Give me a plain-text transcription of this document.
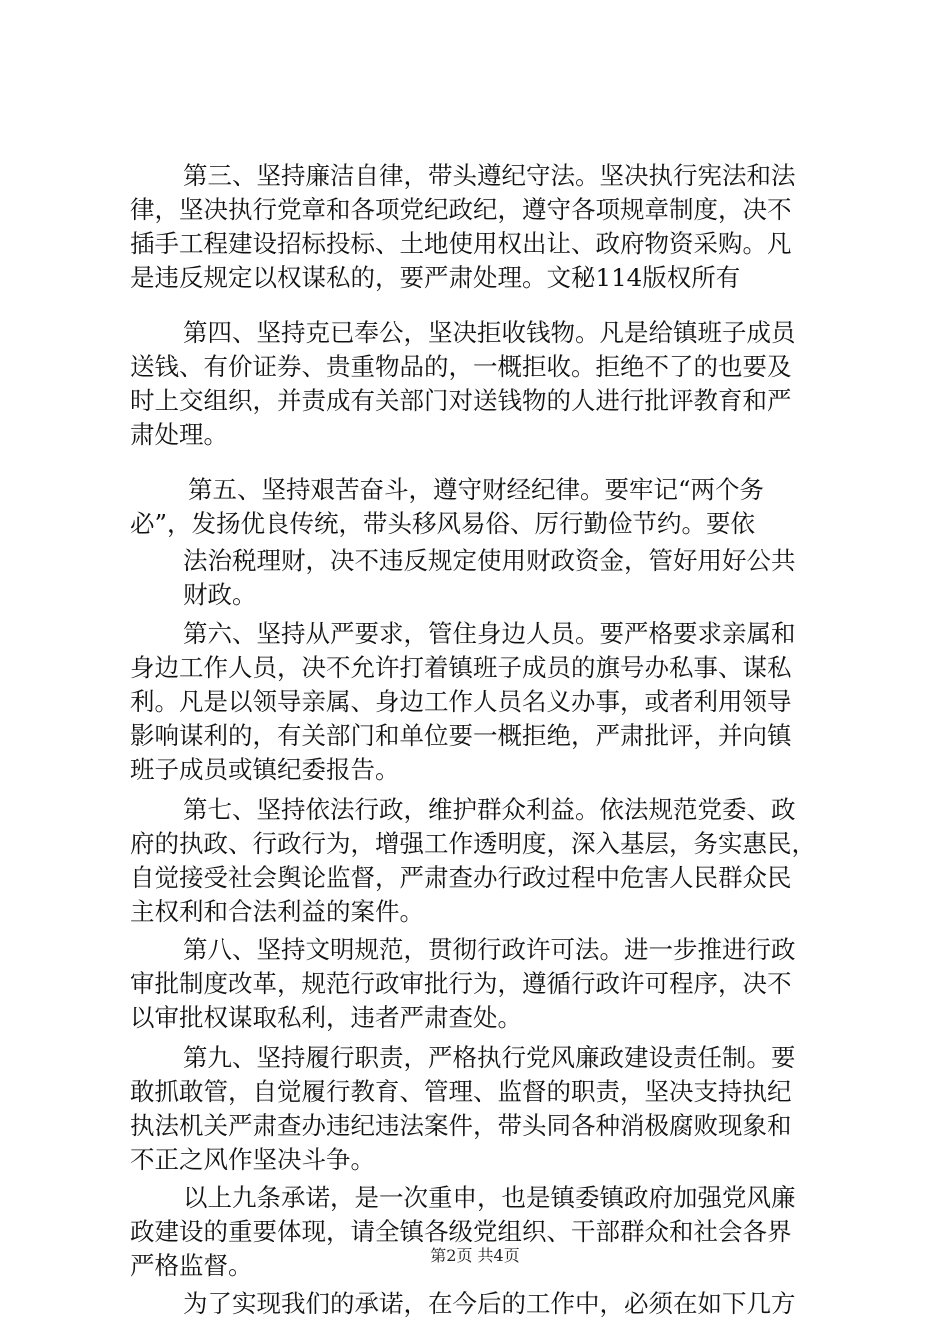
第三、坚持廉洁自律，带头遵纪守法。坚决执行宪法和法
律，坚决执行党章和各项党纪政纪，遵守各项规章制度，决不
插手工程建设招标投标、土地使用权出让、政府物资采购。凡
是违反规定以权谋私的，要严肃处理。文秘114版权所有
第四、坚持克已奉公，坚决拒收钱物。凡是给镇班子成员
送钱、有价证券、贵重物品的，一概拒收。拒绝不了的也要及
时上交组织，并责成有关部门对送钱物的人进行批评教育和严
肃处理。
第五、坚持艰苦奋斗，遵守财经纪律。要牢记“两个务
必”，发扬优良传统，带头移风易俗、厉行勤俭节约。要依
法治税理财，决不违反规定使用财政资金，管好用好公共
财政。
第六、坚持从严要求，管住身边人员。要严格要求亲属和
身边工作人员，决不允许打着镇班子成员的旗号办私事、谋私
利。凡是以领导亲属、身边工作人员名义办事，或者利用领导
影响谋利的，有关部门和单位要一概拒绝，严肃批评，并向镇
班子成员或镇纪委报告。
第七、坚持依法行政，维护群众利益。依法规范党委、政
府的执政、行政行为，增强工作透明度，深入基层，务实惠民，
自觉接受社会舆论监督，严肃查办行政过程中危害人民群众民
主权利和合法利益的案件。
第八、坚持文明规范，贯彻行政许可法。进一步推进行政
审批制度改革，规范行政审批行为，遵循行政许可程序，决不
以审批权谋取私利，违者严肃查处。
第九、坚持履行职责，严格执行党风廉政建设责任制。要
敢抓敢管，自觉履行教育、管理、监督的职责，坚决支持执纪
执法机关严肃查办违纪违法案件，带头同各种消极腐败现象和
不正之风作坚决斗争。
以上九条承诺，是一次重申，也是镇委镇政府加强党风廉
政建设的重要体现，请全镇各级党组织、干部群众和社会各界
严格监督。
为了实现我们的承诺，在今后的工作中，必须在如下几方
第2页 共4页
